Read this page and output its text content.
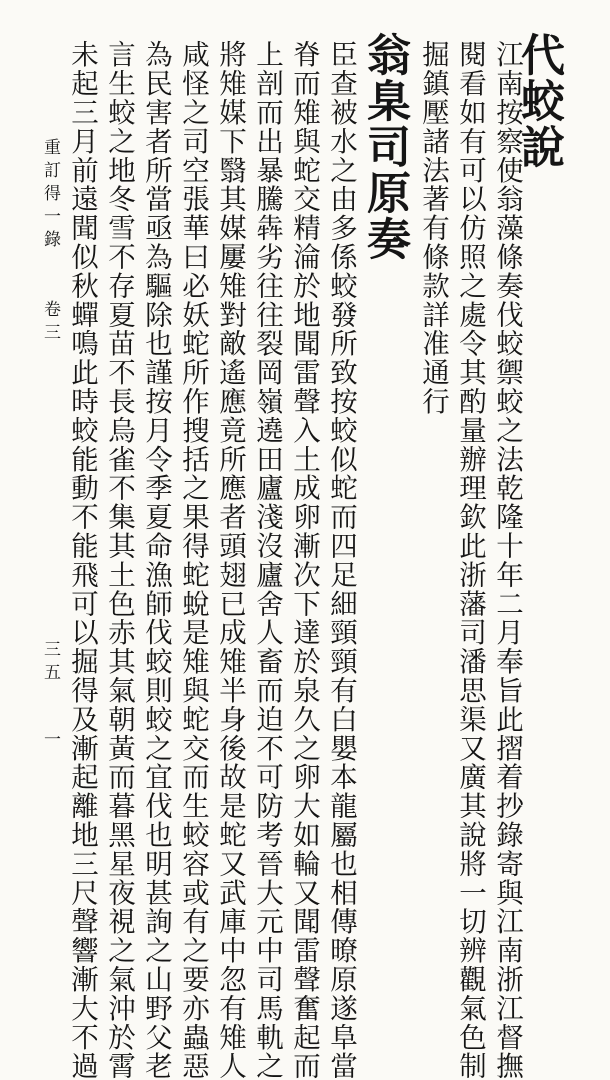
代蛟說
江南按察使翁藻條奏伐蛟禦蛟之法乾隆十年二月奉旨此摺着抄錄寄與江南浙江督撫
閱看如有可以仿照之處令其酌量辦理欽此浙藩司潘思渠又廣其說將一切辨觀氣色制
掘鎮壓諸法著有條款詳准通行
翁臬司原奏
臣查被水之由多係蛟發所致按蛟似蛇而四足細頸頸有白嬰本龍屬也相傳暸原遂阜當
脊而雉與蛇交精淪於地聞雷聲入土成卵漸次下達於泉久之卵大如輪又聞雷聲奮起而
上剖而出暴騰犇劣往往裂岡嶺遶田廬淺沒廬舍人畜而迫不可防考晉大元中司馬軌之
將雉媒下翳其媒屢雉對敵遙應竟所應者頭翅已成雉半身後故是蛇又武庫中忽有雉人
咸怪之司空張華曰必妖蛇所作搜括之果得蛇蛻是雉與蛇交而生蛟容或有之要亦蟲惡
為民害者所當亟為驅除也謹按月令季夏命漁師伐蛟則蛟之宜伐也明甚詢之山野父老
言生蛟之地冬雪不存夏苗不長烏雀不集其土色赤其氣朝黃而暮黑星夜視之氣沖於霄
未起三月前遠聞似秋蟬鳴此時蛟能動不能飛可以掘得及漸起離地三尺聲響漸大不過
重訂得一錄
卷三
三五
一
